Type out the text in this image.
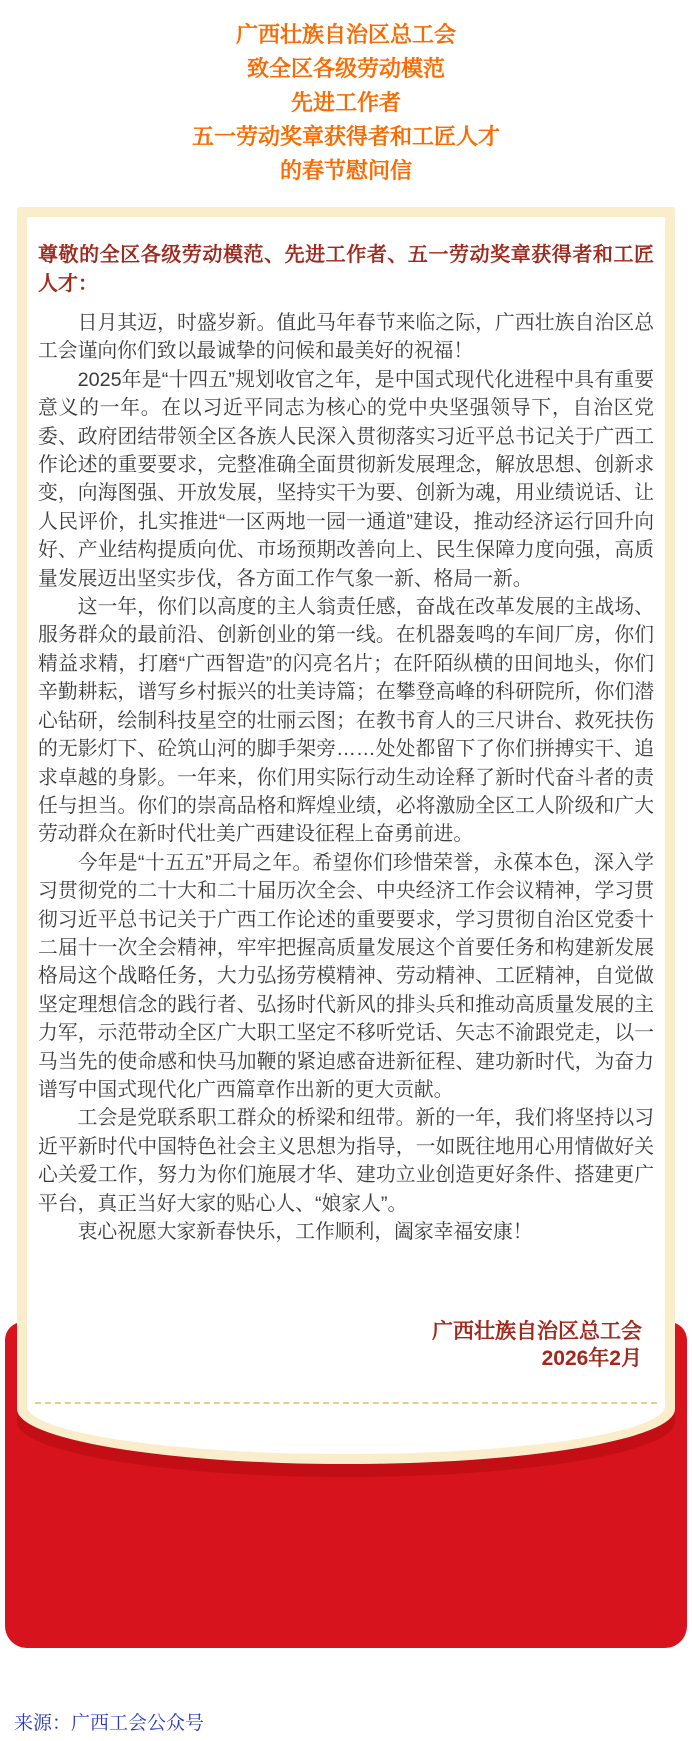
广西壮族自治区总工会
致全区各级劳动模范
先进工作者
五一劳动奖章获得者和工匠人才
的春节慰问信

尊敬的全区各级劳动模范、先进工作者、五一劳动奖章获得者和工匠人才：

日月其迈，时盛岁新。值此马年春节来临之际，广西壮族自治区总工会谨向你们致以最诚挚的问候和最美好的祝福！

2025年是“十四五”规划收官之年，是中国式现代化进程中具有重要意义的一年。在以习近平同志为核心的党中央坚强领导下，自治区党委、政府团结带领全区各族人民深入贯彻落实习近平总书记关于广西工作论述的重要要求，完整准确全面贯彻新发展理念，解放思想、创新求变，向海图强、开放发展，坚持实干为要、创新为魂，用业绩说话、让人民评价，扎实推进“一区两地一园一通道”建设，推动经济运行回升向好、产业结构提质向优、市场预期改善向上、民生保障力度向强，高质量发展迈出坚实步伐，各方面工作气象一新、格局一新。

这一年，你们以高度的主人翁责任感，奋战在改革发展的主战场、服务群众的最前沿、创新创业的第一线。在机器轰鸣的车间厂房，你们精益求精，打磨“广西智造”的闪亮名片；在阡陌纵横的田间地头，你们辛勤耕耘，谱写乡村振兴的壮美诗篇；在攀登高峰的科研院所，你们潜心钻研，绘制科技星空的壮丽云图；在教书育人的三尺讲台、救死扶伤的无影灯下、砼筑山河的脚手架旁……处处都留下了你们拼搏实干、追求卓越的身影。一年来，你们用实际行动生动诠释了新时代奋斗者的责任与担当。你们的崇高品格和辉煌业绩，必将激励全区工人阶级和广大劳动群众在新时代壮美广西建设征程上奋勇前进。

今年是“十五五”开局之年。希望你们珍惜荣誉，永葆本色，深入学习贯彻党的二十大和二十届历次全会、中央经济工作会议精神，学习贯彻习近平总书记关于广西工作论述的重要要求，学习贯彻自治区党委十二届十一次全会精神，牢牢把握高质量发展这个首要任务和构建新发展格局这个战略任务，大力弘扬劳模精神、劳动精神、工匠精神，自觉做坚定理想信念的践行者、弘扬时代新风的排头兵和推动高质量发展的主力军，示范带动全区广大职工坚定不移听党话、矢志不渝跟党走，以一马当先的使命感和快马加鞭的紧迫感奋进新征程、建功新时代，为奋力谱写中国式现代化广西篇章作出新的更大贡献。

工会是党联系职工群众的桥梁和纽带。新的一年，我们将坚持以习近平新时代中国特色社会主义思想为指导，一如既往地用心用情做好关心关爱工作，努力为你们施展才华、建功立业创造更好条件、搭建更广平台，真正当好大家的贴心人、“娘家人”。

衷心祝愿大家新春快乐，工作顺利，阖家幸福安康！

广西壮族自治区总工会
2026年2月
来源：广西工会公众号
